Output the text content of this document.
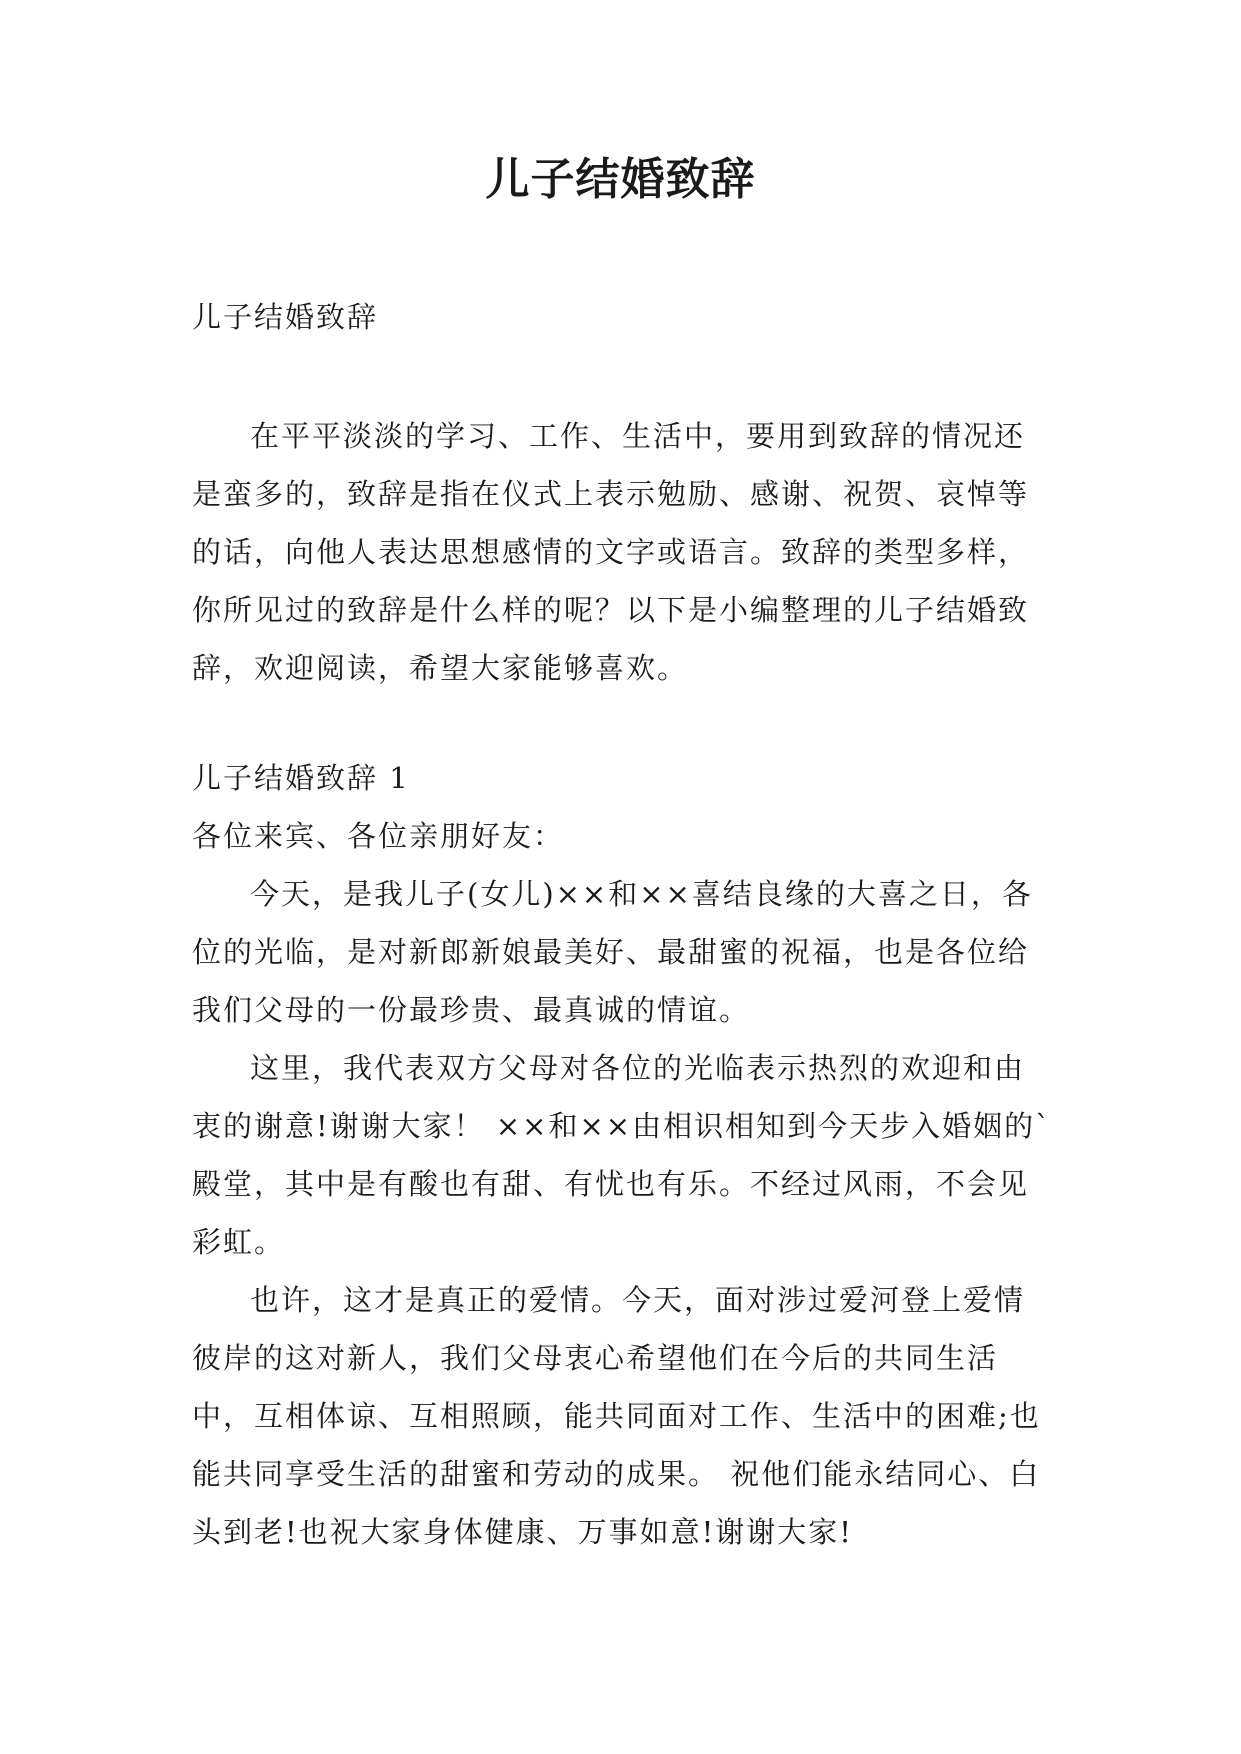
儿子结婚致辞

儿子结婚致辞

在平平淡淡的学习、工作、生活中，要用到致辞的情况还是蛮多的，致辞是指在仪式上表示勉励、感谢、祝贺、哀悼等的话，向他人表达思想感情的文字或语言。致辞的类型多样，你所见过的致辞是什么样的呢？以下是小编整理的儿子结婚致辞，欢迎阅读，希望大家能够喜欢。

儿子结婚致辞 1

各位来宾、各位亲朋好友：

今天，是我儿子(女儿)××和××喜结良缘的大喜之日，各位的光临，是对新郎新娘最美好、最甜蜜的祝福，也是各位给我们父母的一份最珍贵、最真诚的情谊。

这里，我代表双方父母对各位的光临表示热烈的欢迎和由衷的谢意!谢谢大家！ ××和××由相识相知到今天步入婚姻的`殿堂，其中是有酸也有甜、有忧也有乐。不经过风雨，不会见彩虹。

也许，这才是真正的爱情。今天，面对涉过爱河登上爱情彼岸的这对新人，我们父母衷心希望他们在今后的共同生活中，互相体谅、互相照顾，能共同面对工作、生活中的困难;也能共同享受生活的甜蜜和劳动的成果。 祝他们能永结同心、白头到老!也祝大家身体健康、万事如意!谢谢大家!
